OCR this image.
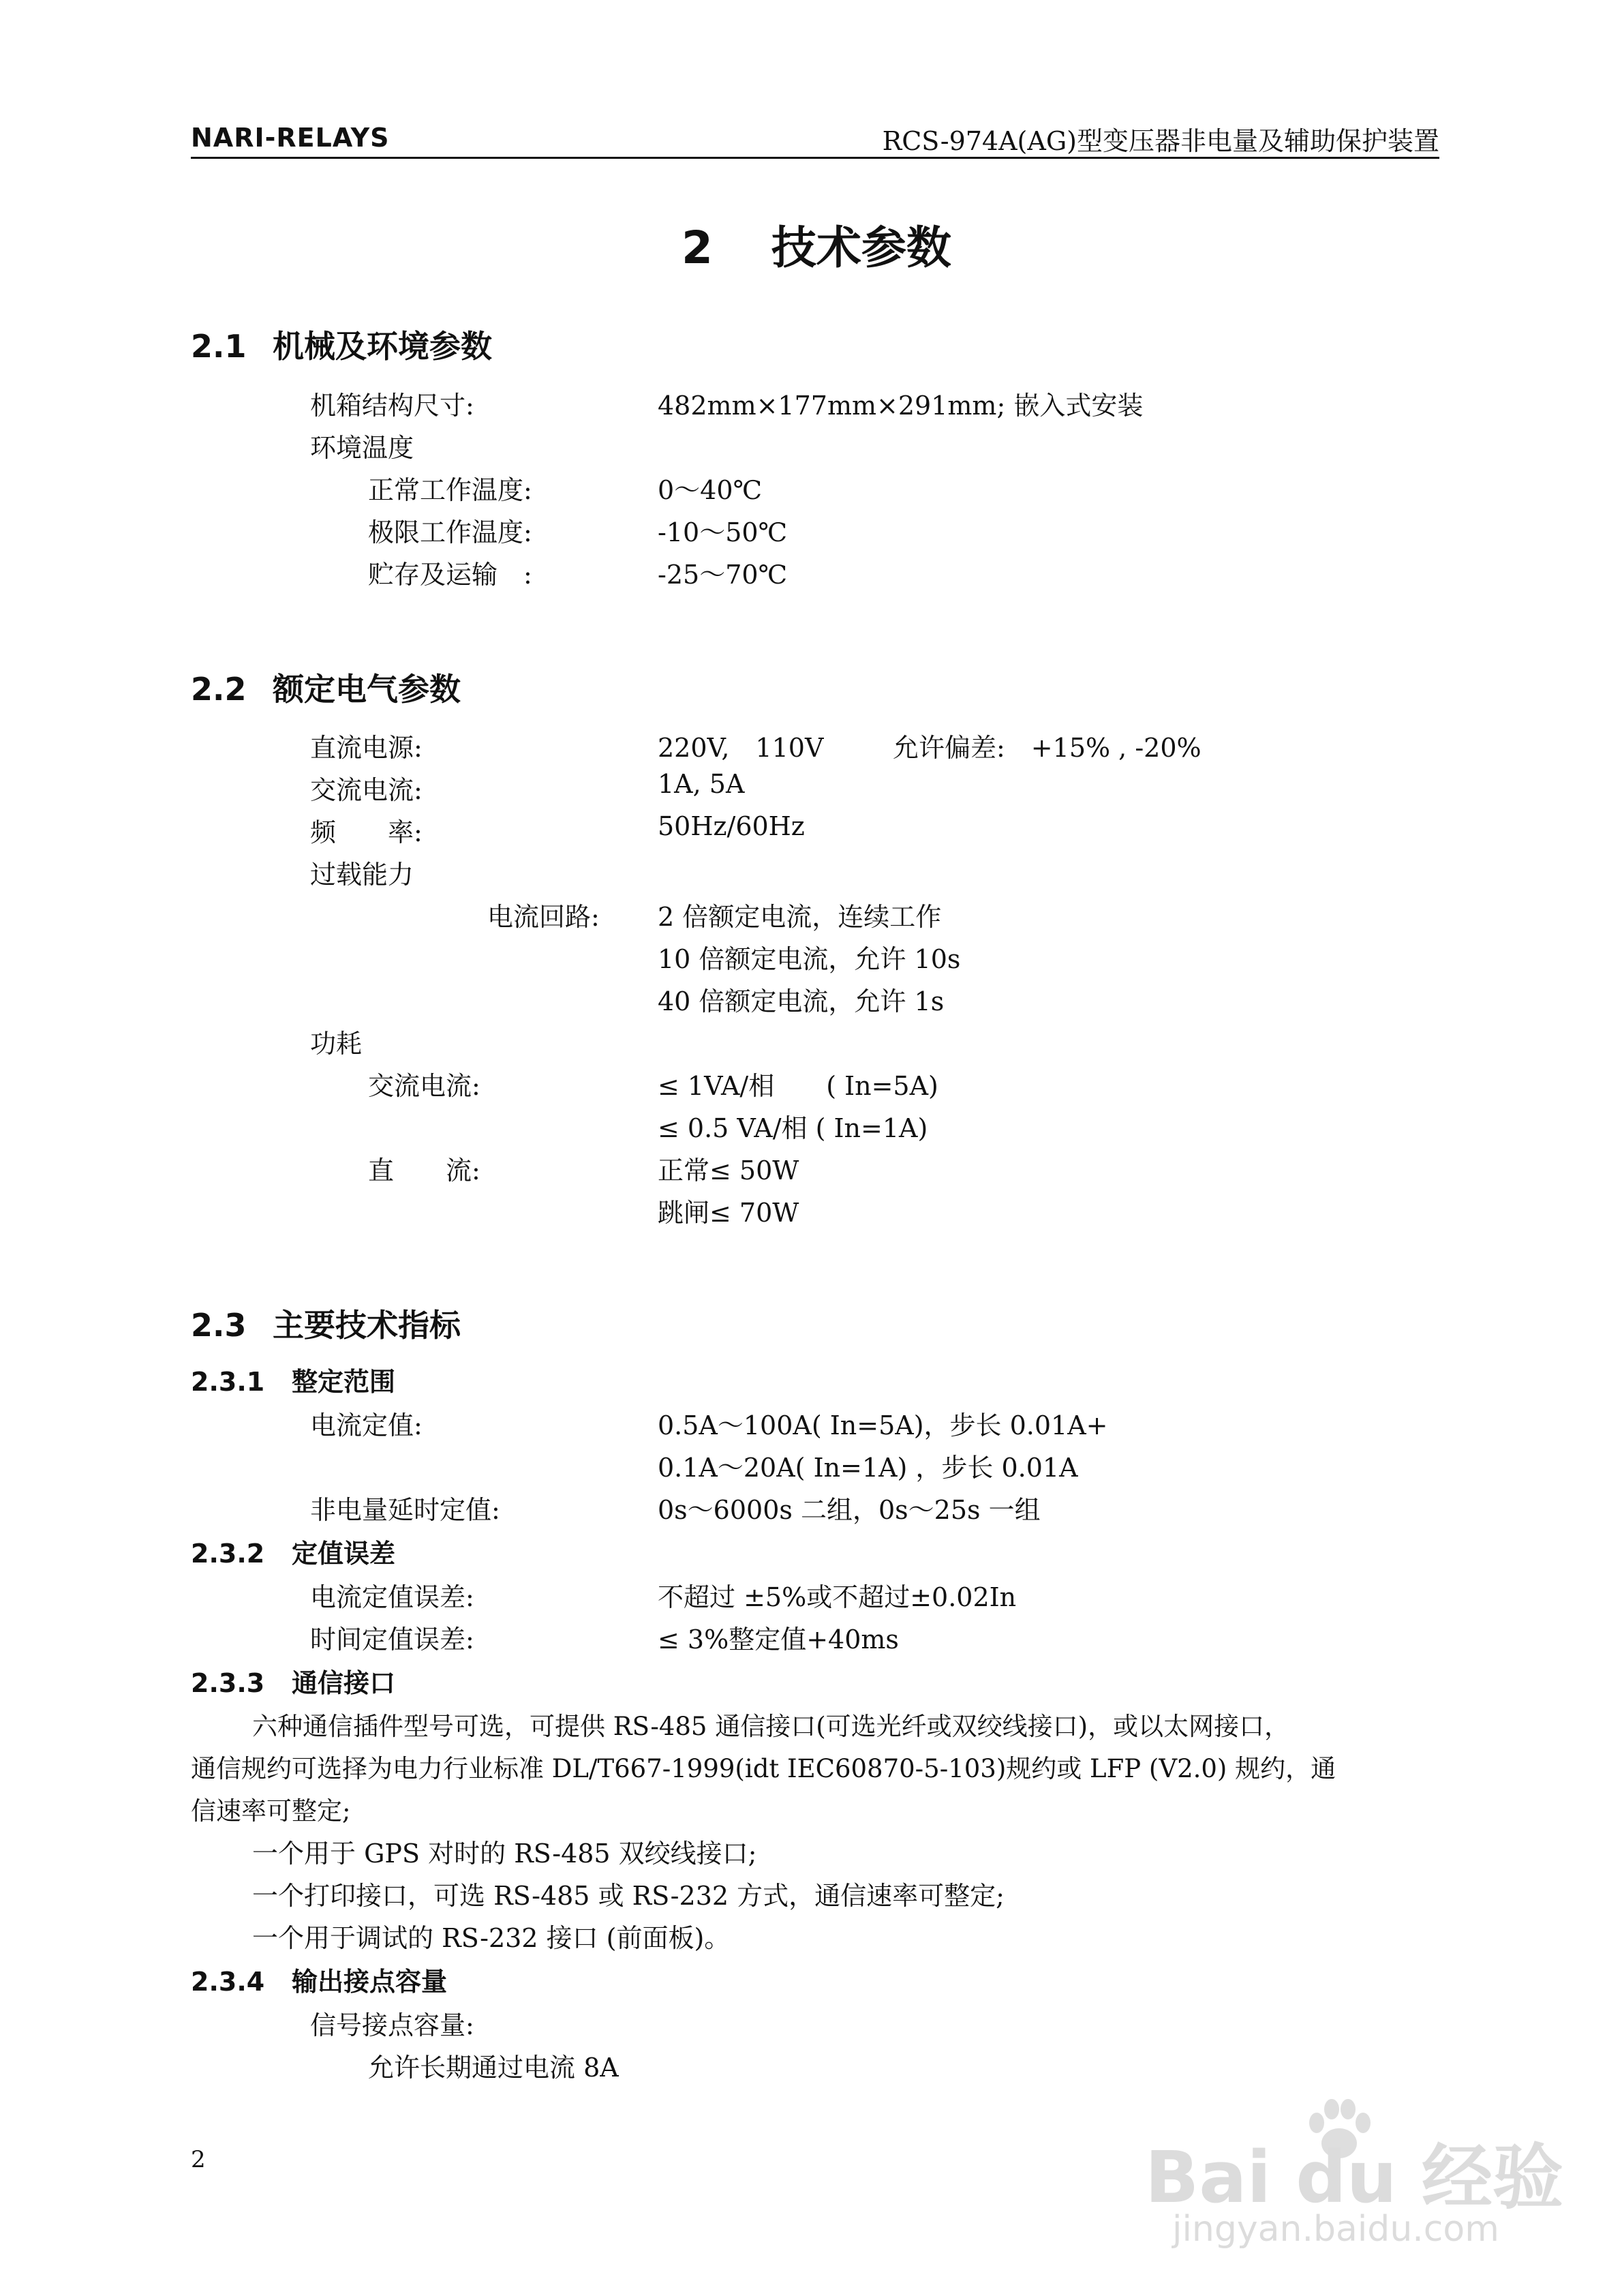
NARI-RELAYS	RCS-974A(AG)型变压器非电量及辅助保护装置
2 技术参数
2.1 机械及环境参数
机箱结构尺寸:	482mm×177mm×291mm; 嵌入式安装
环境温度
正常工作温度:	0～40℃
极限工作温度:	-10～50℃
贮存及运输　:	-25～70℃
2.2 额定电气参数
直流电源:	220V,　110V	允许偏差:　+15% , -20%
交流电流:	1A, 5A
频　　率:	50Hz/60Hz
过载能力
电流回路: 2 倍额定电流，连续工作
10 倍额定电流，允许 10s
40 倍额定电流，允许 1s
功耗
交流电流:	≤ 1VA/相　　( In=5A)
≤ 0.5 VA/相 ( In=1A)
直　　流:	正常≤ 50W
跳闸≤ 70W
2.3 主要技术指标
2.3.1 整定范围
电流定值:	0.5A～100A( In=5A)，步长 0.01A+
0.1A～20A( In=1A) ，步长 0.01A
非电量延时定值:	0s～6000s 二组，0s～25s 一组
2.3.2 定值误差
电流定值误差:	不超过 ±5%或不超过±0.02In
时间定值误差:	≤ 3%整定值+40ms
2.3.3 通信接口
六种通信插件型号可选，可提供 RS-485 通信接口(可选光纤或双绞线接口)，或以太网接口，
通信规约可选择为电力行业标准 DL/T667-1999(idt IEC60870-5-103)规约或 LFP (V2.0) 规约，通
信速率可整定;
一个用于 GPS 对时的 RS-485 双绞线接口;
一个打印接口，可选 RS-485 或 RS-232 方式，通信速率可整定;
一个用于调试的 RS-232 接口 (前面板)。
2.3.4 输出接点容量
信号接点容量:
允许长期通过电流 8A
2	Bai du 经验
jingyan.baidu.com
